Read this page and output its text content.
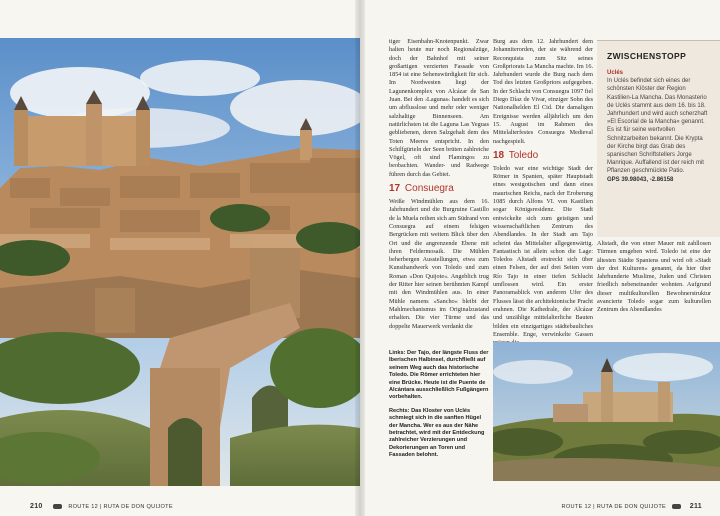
tiger Eisenbahn-Knotenpunkt. Zwar halten heute nur noch Regionalzüge, doch der Bahnhof mit seiner großartigen verzierten Fassade von 1854 ist eine Sehenswürdigkeit für sich. Im Nordwesten liegt der Lagunenkomplex von Alcázar de San Juan. Bei den ›Lagunas‹ handelt es sich um abflusslose und mehr oder weniger salzhaltige Binnenseen. Am natürlichsten ist die Laguna Las Yeguas gebliebenen, deren Salzgehalt dem des Toten Meeres entspricht. In den Schilfgürteln der Seen brüten zahlreiche Vögel, oft sind Flamingos zu beobachten. Wander- und Radwege führen durch das Gebiet.

17 Consuegra

Weiße Windmühlen aus dem 16. Jahrhundert und die Burgruine Castillo de la Muela reihen sich am Südrand von Consuegra auf einem felsigen Bergrücken mit weitem Blick über den Ort und die angrenzende Ebene mit ihren Feldermosaik. Die Mühlen beherbergen Ausstellungen, etwa zum Kunsthandwerk von Toledo und zum Roman »Don Quijote«. Angeblich trug der Ritter hier seinen berühmten Kampf mit den Windmühlen aus. In einer Mühle namens »Sancho« bleibt der Mahlmechanismus im Originalzustand erhalten. Die vier Türme und das doppelte Mauerwerk verdankt die

Burg aus dem 12. Jahrhundert dem Johanniterorden, der sie während der Reconquista zum Sitz seines Großpriorats La Mancha machte. Im 16. Jahrhundert wurde die Burg nach dem Tod des letzten Großpriors aufgegeben. In der Schlacht von Consuegra 1097 fiel Diego Díaz de Vivar, einziger Sohn des Nationalhelden El Cid. Die damaligen Ereignisse werden alljährlich um den 15. August im Rahmen des Mittelalterfestes Consuegra Medieval nachgespielt.

18 Toledo

Toledo war eine wichtige Stadt der Römer in Spanien, später Hauptstadt eines westgotischen und dann eines maurischen Reichs, nach der Eroberung 1085 durch Alfons VI. von Kastilien sogar Königsresidenz. Die Stadt entwickelte sich zum geistigen und wissenschaftlichen Zentrum des Abendlandes. In der Stadt am Tajo scheint das Mittelalter allgegenwärtig. Fantastisch ist allein schon die Lage: Toledos Altstadt erstreckt sich über einen Felsen, der auf drei Seiten vom Río Tajo in einer tiefen Schlucht umflossen wird. Ein erster Panoramablick von anderen Ufer des Flusses lässt die architektonische Pracht erahnen. Die Kathedrale, der Alcázar und unzählige mittelalterliche Bauten bilden ein einzigartiges städtebauliches Ensemble. Enge, verwinkelte Gassen

ZWISCHENSTOPP
Uclés
In Uclés befindet sich eines der schönsten Klöster der Region Kastilien-La Mancha. Das Monasterio de Uclés stammt aus dem 16. bis 18. Jahrhundert und wird auch scherzhaft »El Escorial de la Mancha« genannt. Es ist für seine wertvollen Schnitzarbeiten bekannt. Die Krypta der Kirche birgt das Grab des spanischen Schriftstellers Jorge Manrique. Auffallend ist der reich mit Pflanzen geschmückte Patio.
GPS 39.98043, -2.86158

Altstadt, die von einer Mauer mit zahllosen Türmen umgeben wird. Toledo ist eine der ältesten Städte Spaniens und wird oft »Stadt der drei Kulturen« genannt, da hier über Jahrhunderte Muslime, Juden und Christen friedlich nebeneinander wohnten. Aufgrund dieser multikulturellen Bewohnerstruktur avancierte Toledo sogar zum kulturellen Zentrum des Abendlandes

Links: Der Tajo, der längste Fluss der Iberischen Halbinsel, durchfließt auf seinem Weg auch das historische Toledo. Die Römer errichteten hier eine Brücke. Heute ist die Puente de Alcántara ausschließlich Fußgängern vorbehalten.

Rechts: Das Kloster von Uclés schmiegt sich in die sanften Hügel der Mancha. Wer es aus der Nähe betrachtet, wird mit der Entdeckung zahlreicher Verzierungen und Dekorierungen an Toren und Fassaden belohnt.

210	ROUTE 12 | RUTA DE DON QUIJOTE	ROUTE 12 | RUTA DE DON QUIJOTE	211
